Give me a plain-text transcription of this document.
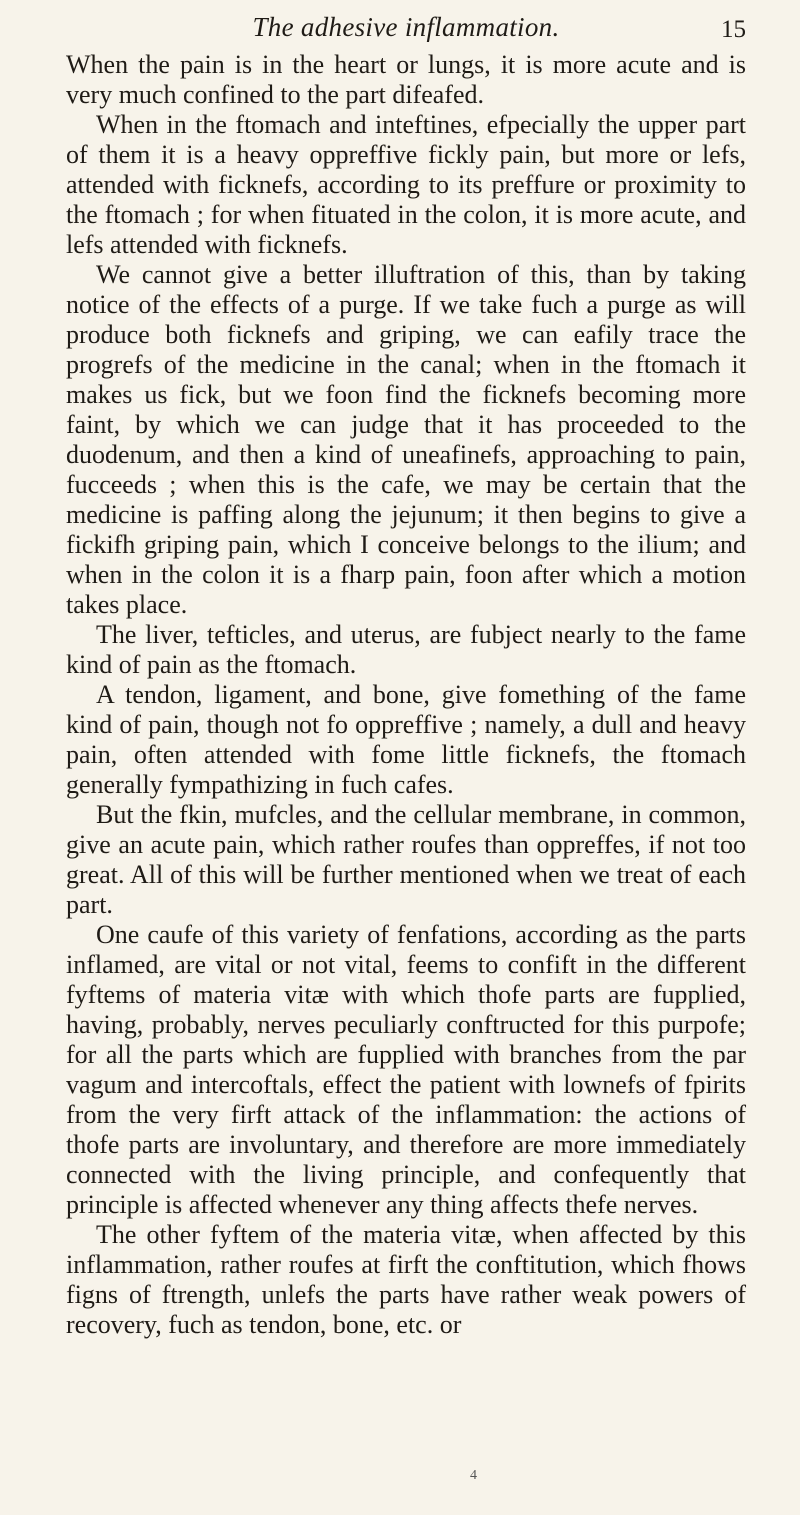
The adhesive inflammation.	15

When the pain is in the heart or lungs, it is more acute and is very much confined to the part difeafed.

When in the ftomach and inteftines, efpecially the upper part of them it is a heavy oppreffive fickly pain, but more or lefs, attended with ficknefs, according to its preffure or proximity to the ftomach ; for when fituated in the colon, it is more acute, and lefs attended with ficknefs.

We cannot give a better illuftration of this, than by taking notice of the effects of a purge. If we take fuch a purge as will produce both ficknefs and griping, we can eafily trace the progrefs of the medicine in the canal; when in the ftomach it makes us fick, but we foon find the ficknefs becoming more faint, by which we can judge that it has proceeded to the duodenum, and then a kind of uneafinefs, approaching to pain, fucceeds ; when this is the cafe, we may be certain that the medicine is paffing along the jejunum; it then begins to give a fickifh griping pain, which I conceive belongs to the ilium; and when in the colon it is a fharp pain, foon after which a motion takes place.

The liver, tefticles, and uterus, are fubject nearly to the fame kind of pain as the ftomach.

A tendon, ligament, and bone, give fomething of the fame kind of pain, though not fo oppreffive ; namely, a dull and heavy pain, often attended with fome little ficknefs, the ftomach generally fympathizing in fuch cafes.

But the fkin, mufcles, and the cellular membrane, in common, give an acute pain, which rather roufes than oppreffes, if not too great. All of this will be further mentioned when we treat of each part.

One caufe of this variety of fenfations, according as the parts inflamed, are vital or not vital, feems to confift in the different fyftems of materia vitæ with which thofe parts are fupplied, having, probably, nerves peculiarly conftructed for this purpofe; for all the parts which are fupplied with branches from the par vagum and intercoftals, effect the patient with lownefs of fpirits from the very firft attack of the inflammation: the actions of thofe parts are involuntary, and therefore are more immediately connected with the living principle, and confequently that principle is affected whenever any thing affects thefe nerves.

The other fyftem of the materia vitæ, when affected by this inflammation, rather roufes at firft the conftitution, which fhows figns of ftrength, unlefs the parts have rather weak powers of recovery, fuch as tendon, bone, etc. or

4
